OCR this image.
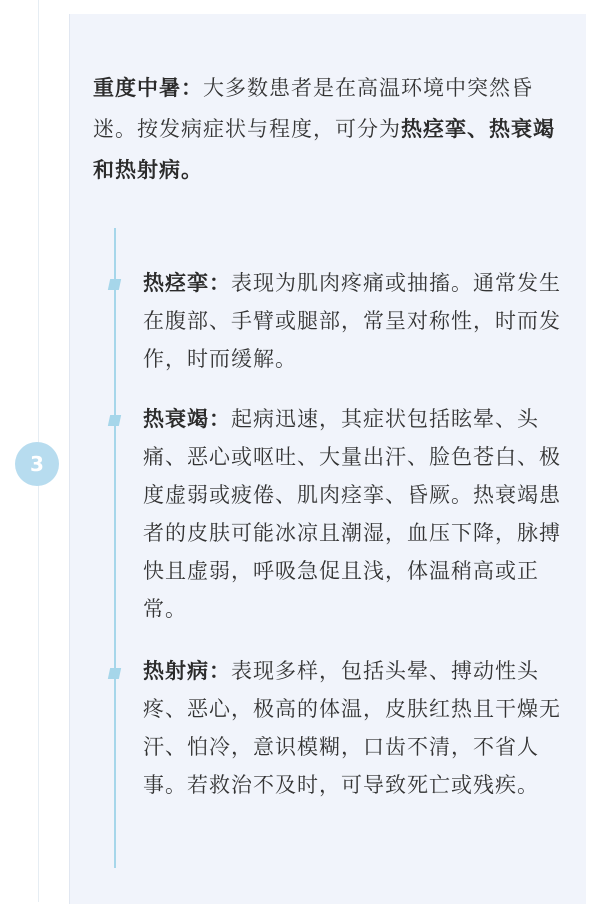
3
重度中暑：大多数患者是在高温环境中突然昏迷。按发病症状与程度，可分为热痉挛、热衰竭和热射病。
热痉挛：表现为肌肉疼痛或抽搐。通常发生在腹部、手臂或腿部，常呈对称性，时而发作，时而缓解。
热衰竭：起病迅速，其症状包括眩晕、头痛、恶心或呕吐、大量出汗、脸色苍白、极度虚弱或疲倦、肌肉痉挛、昏厥。热衰竭患者的皮肤可能冰凉且潮湿，血压下降，脉搏快且虚弱，呼吸急促且浅，体温稍高或正常。
热射病：表现多样，包括头晕、搏动性头疼、恶心，极高的体温，皮肤红热且干燥无汗、怕冷，意识模糊，口齿不清，不省人事。若救治不及时，可导致死亡或残疾。
